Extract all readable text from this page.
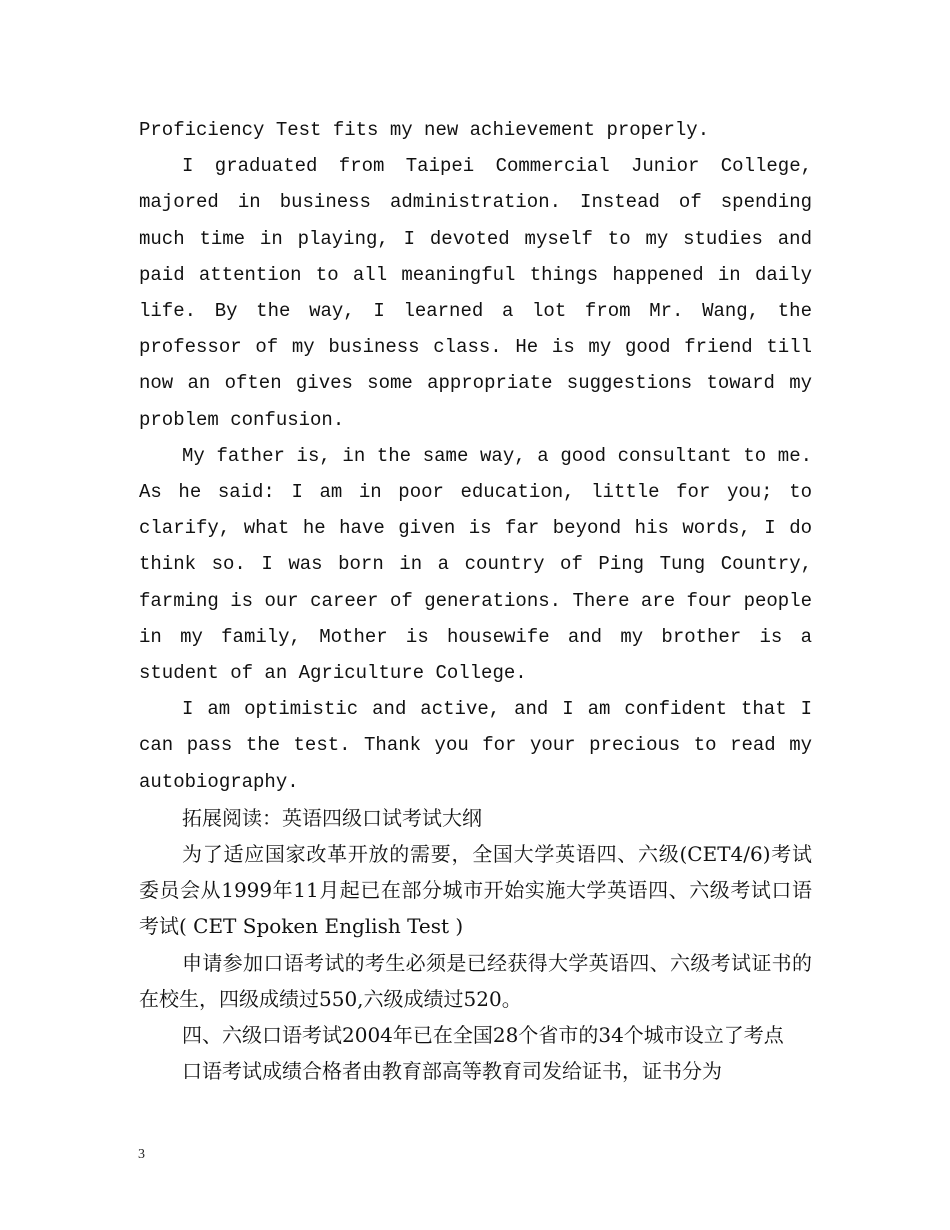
Proficiency Test fits my new achievement properly.

I graduated from Taipei Commercial Junior College, majored in business administration. Instead of spending much time in playing, I devoted myself to my studies and paid attention to all meaningful things happened in daily life. By the way, I learned a lot from Mr. Wang, the professor of my business class. He is my good friend till now an often gives some appropriate suggestions toward my problem confusion.

My father is, in the same way, a good consultant to me. As he said: I am in poor education, little for you; to clarify, what he have given is far beyond his words, I do think so. I was born in a country of Ping Tung Country, farming is our career of generations. There are four people in my family, Mother is housewife and my brother is a student of an Agriculture College.

I am optimistic and active, and I am confident that I can pass the test. Thank you for your precious to read my autobiography.

拓展阅读：英语四级口试考试大纲

为了适应国家改革开放的需要，全国大学英语四、六级(CET4/6)考试委员会从1999年11月起已在部分城市开始实施大学英语四、六级考试口语考试( CET Spoken English Test )

申请参加口语考试的考生必须是已经获得大学英语四、六级考试证书的在校生，四级成绩过550,六级成绩过520。

四、六级口语考试2004年已在全国28个省市的34个城市设立了考点

口语考试成绩合格者由教育部高等教育司发给证书，证书分为

3
